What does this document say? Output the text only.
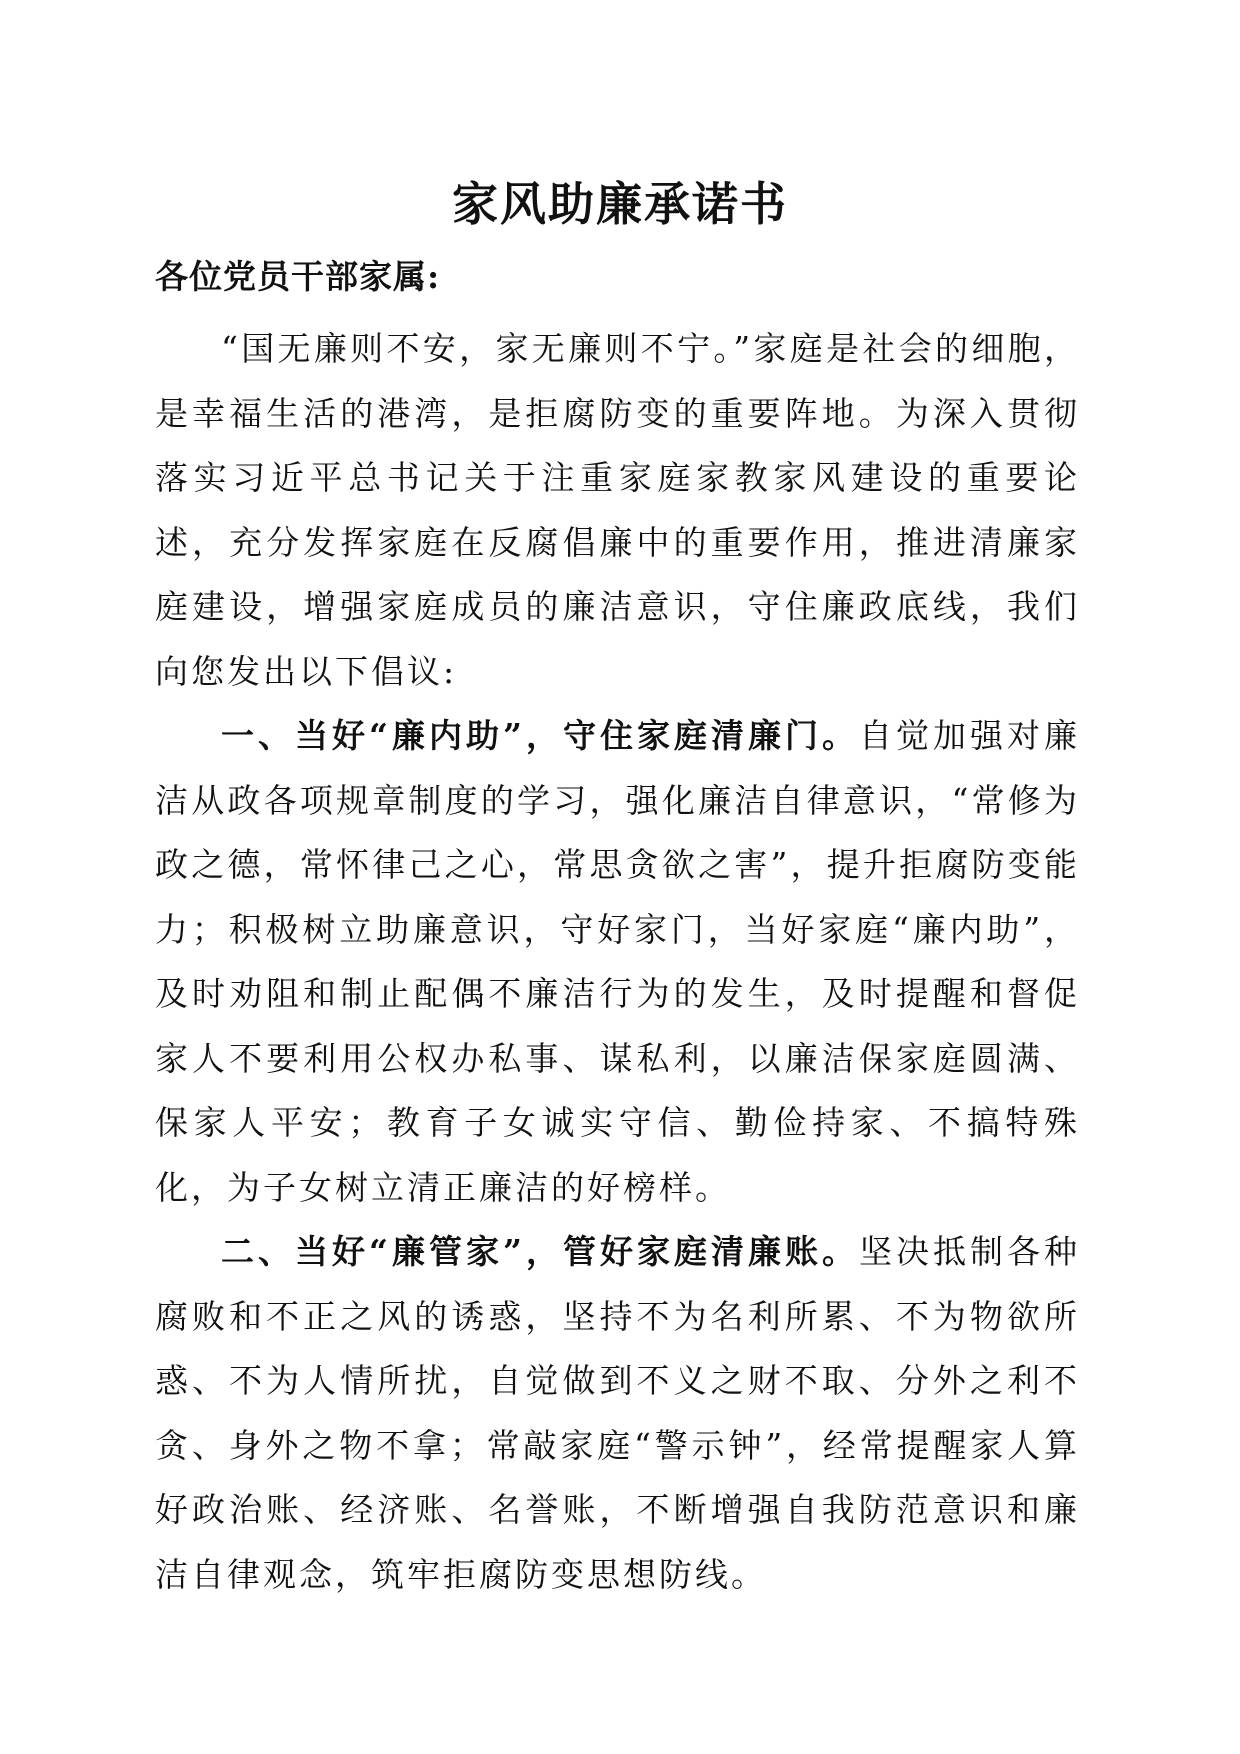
家风助廉承诺书
各位党员干部家属:

“国无廉则不安，家无廉则不宁。”家庭是社会的细胞，是幸福生活的港湾，是拒腐防变的重要阵地。为深入贯彻落实习近平总书记关于注重家庭家教家风建设的重要论述，充分发挥家庭在反腐倡廉中的重要作用，推进清廉家庭建设，增强家庭成员的廉洁意识，守住廉政底线，我们向您发出以下倡议:

一、当好“廉内助”，守住家庭清廉门。自觉加强对廉洁从政各项规章制度的学习，强化廉洁自律意识，“常修为政之德，常怀律己之心，常思贪欲之害”，提升拒腐防变能力；积极树立助廉意识，守好家门，当好家庭“廉内助”，及时劝阻和制止配偶不廉洁行为的发生，及时提醒和督促家人不要利用公权办私事、谋私利，以廉洁保家庭圆满、保家人平安；教育子女诚实守信、勤俭持家、不搞特殊化，为子女树立清正廉洁的好榜样。

二、当好“廉管家”，管好家庭清廉账。坚决抵制各种腐败和不正之风的诱惑，坚持不为名利所累、不为物欲所惑、不为人情所扰，自觉做到不义之财不取、分外之利不贪、身外之物不拿；常敲家庭“警示钟”，经常提醒家人算好政治账、经济账、名誉账，不断增强自我防范意识和廉洁自律观念，筑牢拒腐防变思想防线。
